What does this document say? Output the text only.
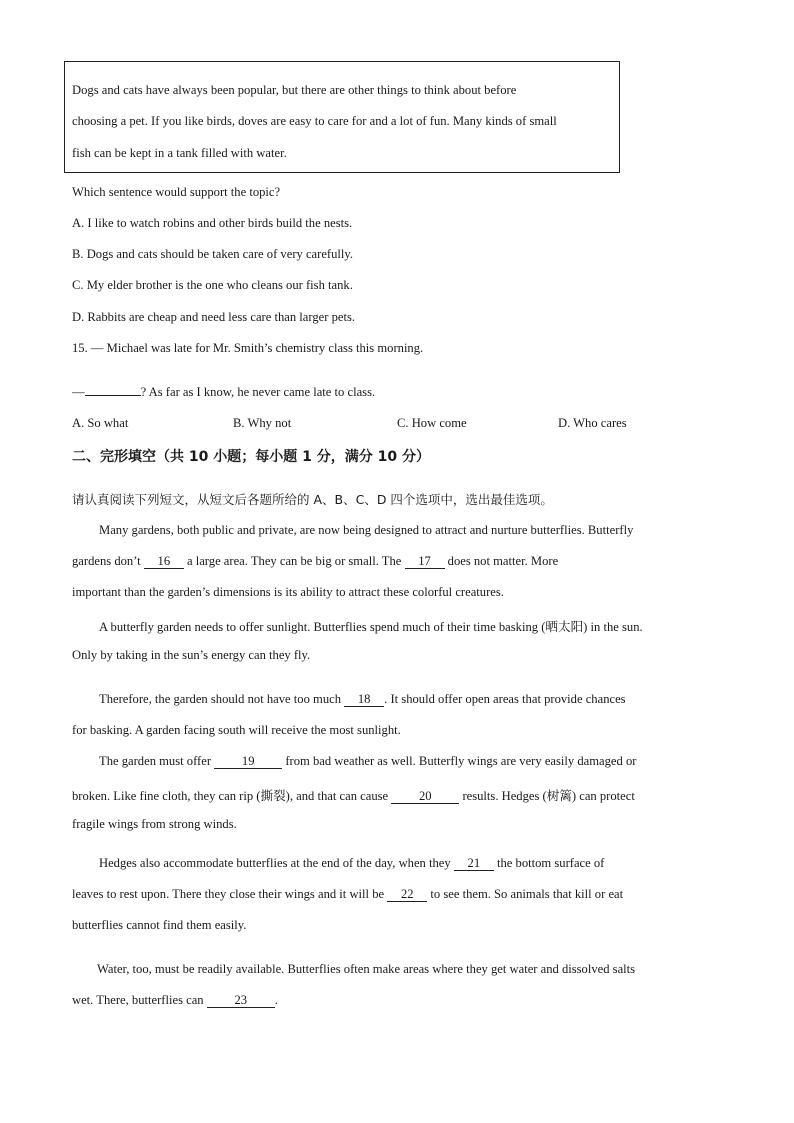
Dogs and cats have always been popular, but there are other things to think about before
choosing a pet. If you like birds, doves are easy to care for and a lot of fun. Many kinds of small
fish can be kept in a tank filled with water.
Which sentence would support the topic?
A. I like to watch robins and other birds build the nests.
B. Dogs and cats should be taken care of very carefully.
C. My elder brother is the one who cleans our fish tank.
D. Rabbits are cheap and need less care than larger pets.
15. — Michael was late for Mr. Smith’s chemistry class this morning.
—	? As far as I know, he never came late to class.
A. So what	B. Why not	C. How come	D. Who cares
二、完形填空（共 10 小题；每小题 1 分，满分 10 分）
请认真阅读下列短文，从短文后各题所给的 A、B、C、D 四个选项中，选出最佳选项。
Many gardens, both public and private, are now being designed to attract and nurture butterflies. Butterfly
gardens don’t 16 a large area. They can be big or small. The 17 does not matter. More
important than the garden’s dimensions is its ability to attract these colorful creatures.
A butterfly garden needs to offer sunlight. Butterflies spend much of their time basking (晒太阳) in the sun.
Only by taking in the sun’s energy can they fly.
Therefore, the garden should not have too much 18 . It should offer open areas that provide chances
for basking. A garden facing south will receive the most sunlight.
The garden must offer 19 from bad weather as well. Butterfly wings are very easily damaged or
broken. Like fine cloth, they can rip (撕裂), and that can cause 20 results. Hedges (树篱) can protect
fragile wings from strong winds.
Hedges also accommodate butterflies at the end of the day, when they 21 the bottom surface of
leaves to rest upon. There they close their wings and it will be 22 to see them. So animals that kill or eat
butterflies cannot find them easily.
Water, too, must be readily available. Butterflies often make areas where they get water and dissolved salts
wet. There, butterflies can 23 .
